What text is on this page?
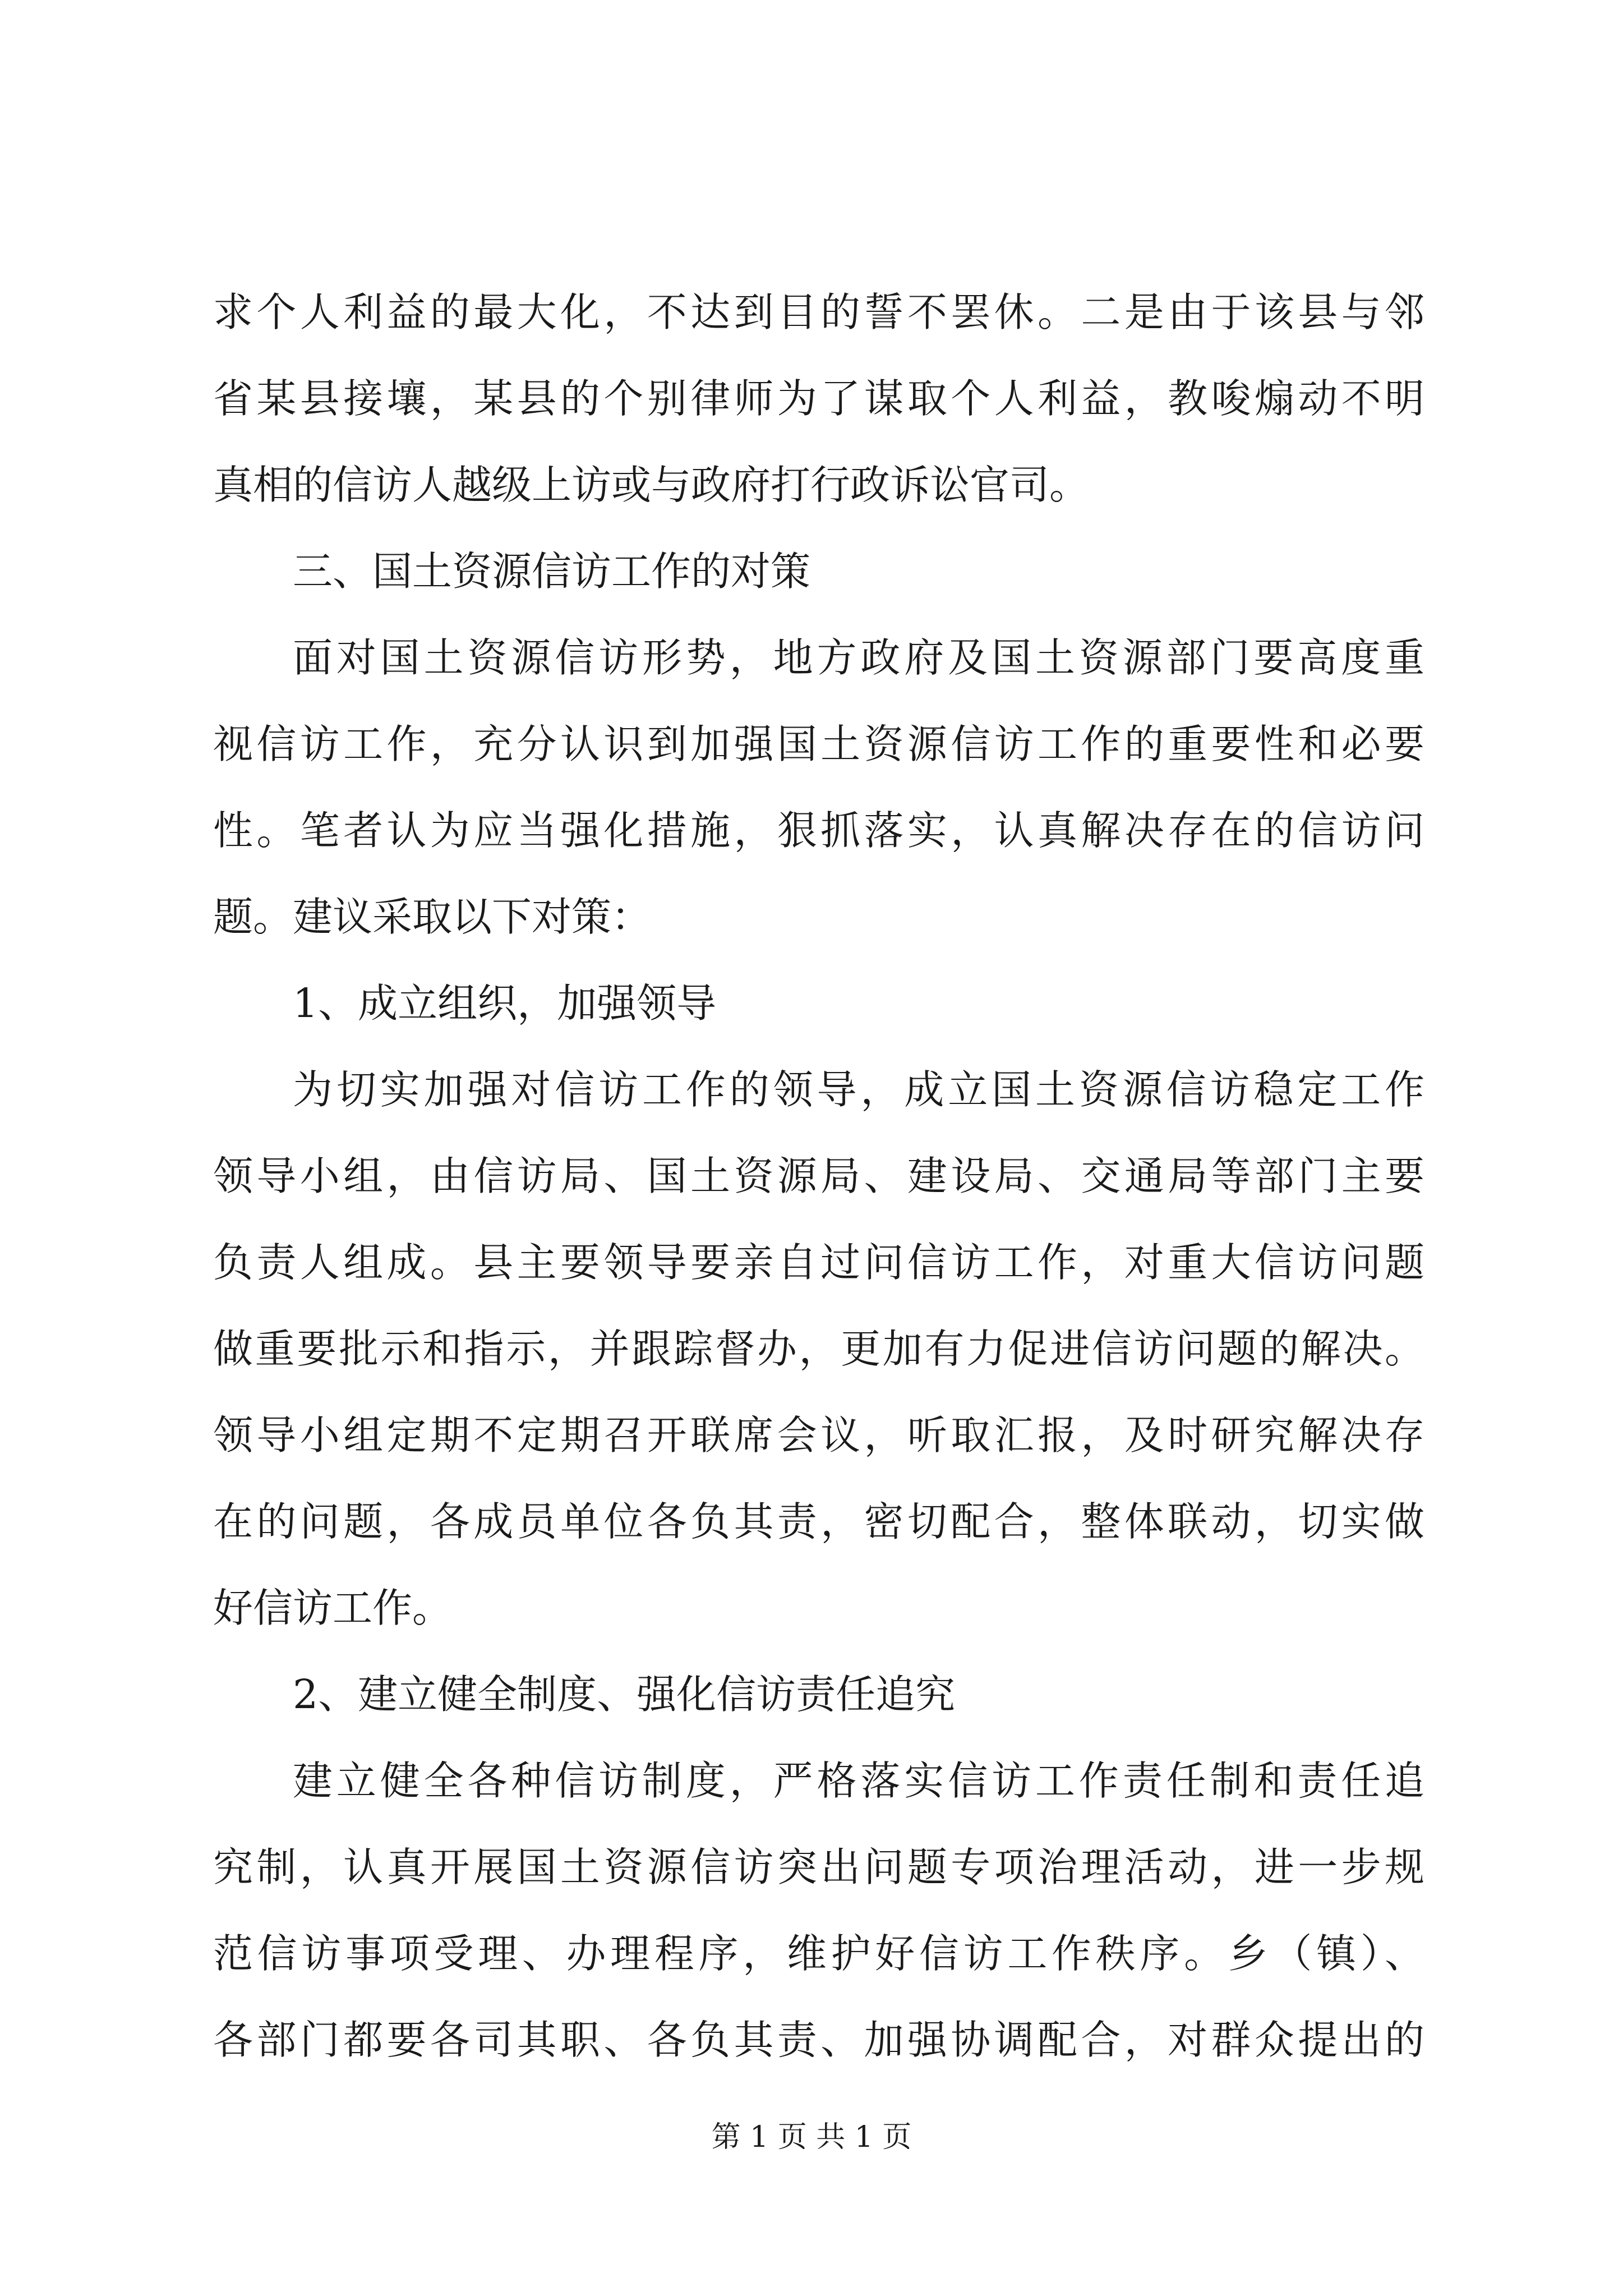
求个人利益的最大化，不达到目的誓不罢休。二是由于该县与邻
省某县接壤，某县的个别律师为了谋取个人利益，教唆煽动不明
真相的信访人越级上访或与政府打行政诉讼官司。
三、国土资源信访工作的对策
面对国土资源信访形势，地方政府及国土资源部门要高度重
视信访工作，充分认识到加强国土资源信访工作的重要性和必要
性。笔者认为应当强化措施，狠抓落实，认真解决存在的信访问
题。建议采取以下对策：
1、成立组织，加强领导
为切实加强对信访工作的领导，成立国土资源信访稳定工作
领导小组，由信访局、国土资源局、建设局、交通局等部门主要
负责人组成。县主要领导要亲自过问信访工作，对重大信访问题
做重要批示和指示，并跟踪督办，更加有力促进信访问题的解决。
领导小组定期不定期召开联席会议，听取汇报，及时研究解决存
在的问题，各成员单位各负其责，密切配合，整体联动，切实做
好信访工作。
2、建立健全制度、强化信访责任追究
建立健全各种信访制度，严格落实信访工作责任制和责任追
究制，认真开展国土资源信访突出问题专项治理活动，进一步规
范信访事项受理、办理程序，维护好信访工作秩序。乡（镇）、
各部门都要各司其职、各负其责、加强协调配合，对群众提出的
第 1 页 共 1 页
